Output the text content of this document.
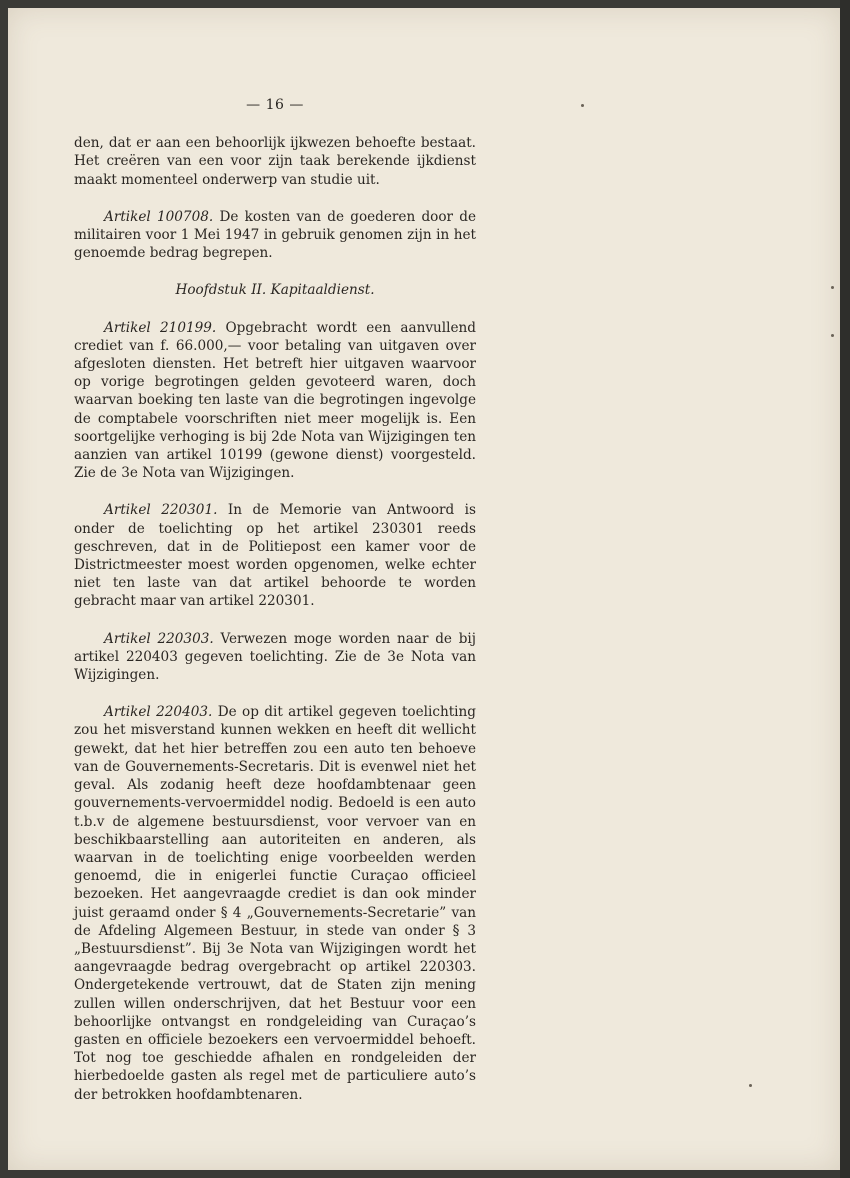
— 16 —

den, dat er aan een behoorlijk ijkwezen behoefte bestaat. Het creëren van een voor zijn taak berekende ijkdienst maakt momenteel onderwerp van studie uit.

Artikel 100708. De kosten van de goederen door de militairen voor 1 Mei 1947 in gebruik genomen zijn in het genoemde bedrag begrepen.

Hoofdstuk II. Kapitaaldienst.

Artikel 210199. Opgebracht wordt een aanvullend crediet van f. 66.000,— voor betaling van uitgaven over afgesloten diensten. Het betreft hier uitgaven waarvoor op vorige begrotingen gelden gevoteerd waren, doch waarvan boeking ten laste van die begrotingen ingevolge de comptabele voorschriften niet meer mogelijk is. Een soortgelijke verhoging is bij 2de Nota van Wijzigingen ten aanzien van artikel 10199 (gewone dienst) voorgesteld. Zie de 3e Nota van Wijzigingen.

Artikel 220301. In de Memorie van Antwoord is onder de toelichting op het artikel 230301 reeds geschreven, dat in de Politiepost een kamer voor de Districtmeester moest worden opgenomen, welke echter niet ten laste van dat artikel behoorde te worden gebracht maar van artikel 220301.

Artikel 220303. Verwezen moge worden naar de bij artikel 220403 gegeven toelichting. Zie de 3e Nota van Wijzigingen.

Artikel 220403. De op dit artikel gegeven toelichting zou het misverstand kunnen wekken en heeft dit wellicht gewekt, dat het hier betreffen zou een auto ten behoeve van de Gouvernements-Secretaris. Dit is evenwel niet het geval. Als zodanig heeft deze hoofdambtenaar geen gouvernements-vervoermiddel nodig. Bedoeld is een auto t.b.v de algemene bestuursdienst, voor vervoer van en beschikbaarstelling aan autoriteiten en anderen, als waarvan in de toelichting enige voorbeelden werden genoemd, die in enigerlei functie Curaçao officieel bezoeken. Het aangevraagde crediet is dan ook minder juist geraamd onder § 4 „Gouvernements-Secretarie” van de Afdeling Algemeen Bestuur, in stede van onder § 3 „Bestuursdienst”. Bij 3e Nota van Wijzigingen wordt het aangevraagde bedrag overgebracht op artikel 220303. Ondergetekende vertrouwt, dat de Staten zijn mening zullen willen onderschrijven, dat het Bestuur voor een behoorlijke ontvangst en rondgeleiding van Curaçao’s gasten en officiele bezoekers een vervoermiddel behoeft. Tot nog toe geschiedde afhalen en rondgeleiden der hierbedoelde gasten als regel met de particuliere auto’s der betrokken hoofdambtenaren.
